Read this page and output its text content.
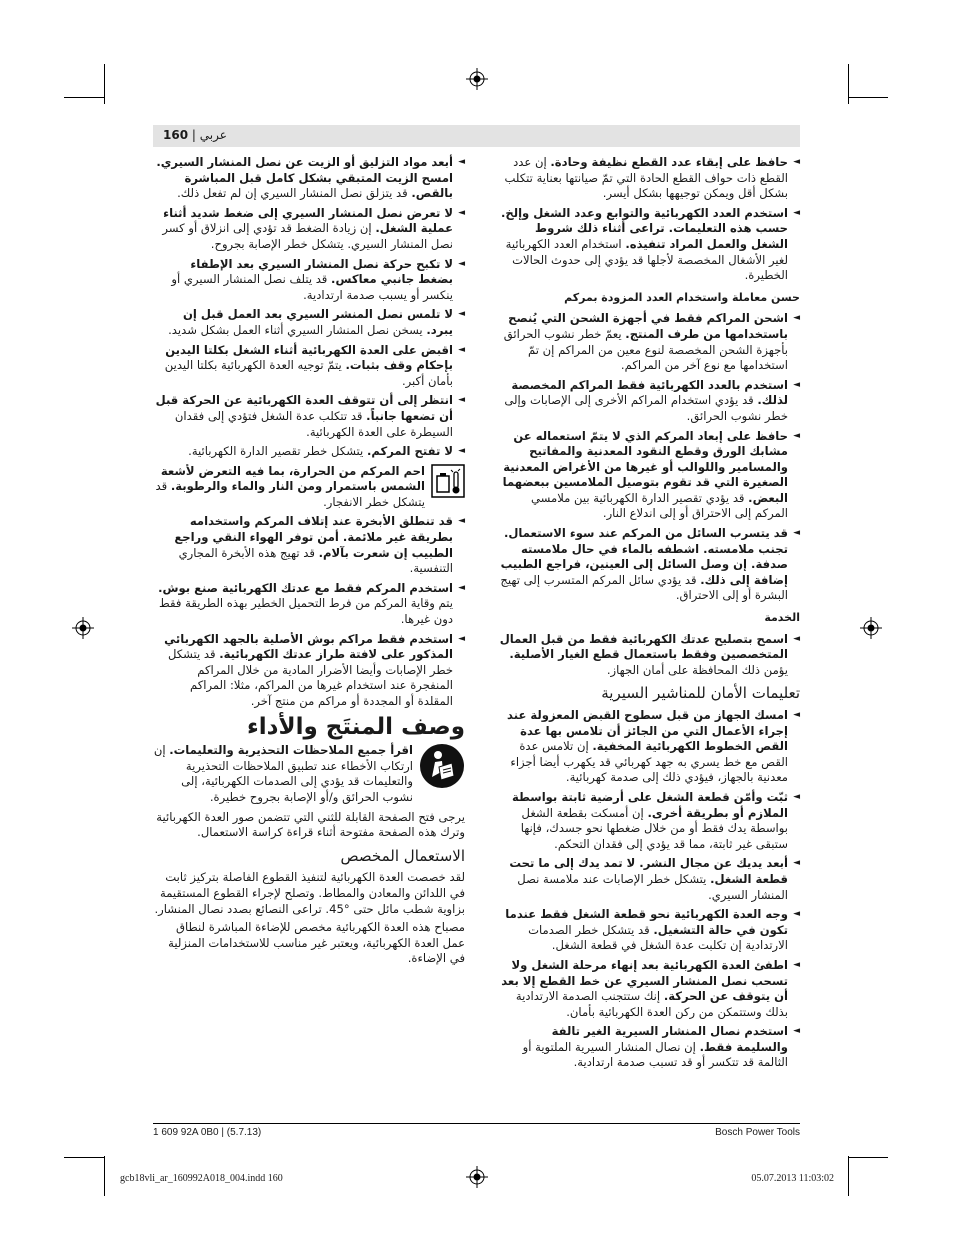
عربي | 160
◄ حافظ على إبقاء عدد القطع نظيفة وحادة. إن عدد القطع ذات حواف القطع الحادة التي تمّ صيانتها بعناية تتكلب بشكل أقل ويمكن توجيهها بشكل أيسر.
◄ استخدم العدد الكهربائية والتوابع وعدد الشغل وإلخ. حسب هذه التعليمات. تراعى أثناء ذلك شروط الشغل والعمل المراد تنفيذه. استخدام العدد الكهربائية لغير الأشغال المخصصة لأجلها قد يؤدي إلى حدوث الحالات الخطيرة.
حسن معاملة واستخدام العدد المزودة بمركم
◄ اشحن المراكم فقط في أجهزة الشحن التي يُنصح باستخدامها من طرف المنتج. يعمّ خطر نشوب الحرائق بأجهزة الشحن المخصصة لنوع معين من المراكم إن تمّ استخدامها مع نوع آخر من المراكم.
◄ استخدم بالعدد الكهربائية فقط المراكم المخصصة لذلك. قد يؤدي استخدام المراكم الأخرى إلى الإصابات وإلى خطر نشوب الحرائق.
◄ حافظ على إبعاد المركم الذي لا يتمّ استعماله عن مشابك الورق وقطع النقود المعدنية والمفاتيح والمسامير واللوالب أو غيرها من الأغراض المعدنية الصغيرة التي قد تقوم بتوصيل الملامسين ببعضهما البعض. قد يؤدي تقصير الدارة الكهربائية بين ملامسي المركم إلى الاحتراق أو إلى اندلاع النار.
◄ قد يتسرب السائل من المركم عند سوء الاستعمال. تجنب ملامسته. اشطفه بالماء في حال ملامسته صدفة. إن وصل السائل إلى العينين، فراجع الطبيب إضافة إلى ذلك. قد يؤدي سائل المركم المتسرب إلى تهيج البشرة أو إلى الاحتراق.
الخدمة
◄ اسمح بتصليح عدتك الكهربائية فقط من قبل العمال المتخصصين وفقط باستعمال قطع الغيار الأصلية. يؤمن ذلك المحافظة على أمان الجهاز.
تعليمات الأمان للمناشير السيرية
◄ امسك الجهاز من قبل سطوح القبض المعزولة عند إجراء الأعمال التي من الجائز أن تلامس بها عدة القص الخطوط الكهربائية المخفية. إن تلامس عدة القص مع خط يسري به جهد كهربائي قد يكهرب أيضا أجزاء معدنية بالجهاز، فيؤدي ذلك إلى صدمة كهربائية.
◄ ثبّت وأمّن قطعة الشغل على أرضية ثابتة بواسطة الملازم أو بطريقة أخرى. إن أمسكت بقطعة الشغل بواسطة يدك فقط أو من خلال ضغطها نحو جسدك، فإنها ستبقى غير ثابتة، مما قد يؤدي إلى فقدان التحكم.
◄ أبعد يديك عن مجال النشر. لا تمد يدك إلى ما تحت قطعة الشغل. يتشكل خطر الإصابات عند ملامسة نصل المنشار السيري.
◄ وجه العدة الكهربائية نحو قطعة الشغل فقط عندما تكون في حالة التشغيل. قد يتشكل خطر الصدمات الارتدادية إن تكلبت عدة الشغل في قطعة الشغل.
◄ اطفئ العدة الكهربائية بعد إنهاء مرحلة الشغل ولا تسحب نصل المنشار السيري عن خط القطع إلا بعد أن يتوقف عن الحركة. إنك ستتجنب الصدمة الارتدادية بذلك وستتمكن من ركن العدة الكهربائية بأمان.
◄ استخدم نصال المنشار السيرية الغير تالفة والسليمة فقط. إن نصال المنشار السيرية الملتوية أو الثالمة قد تتكسر أو قد تسبب صدمة ارتدادية.
◄ أبعد مواد التزليق أو الزيت عن نصل المنشار السيري. امسح الزيت المتبقي بشكل كامل قبل المباشرة بالقص. قد يتزلق نصل المنشار السيري إن لم تفعل ذلك.
◄ لا تعرض نصل المنشار السيري إلى ضغط شديد أثناء عملية الشغل. إن زيادة الضغط قد تؤدي إلى انزلاق أو كسر نصل المنشار السيري. يتشكل خطر الإصابة بجروح.
◄ لا تكبح حركة نصل المنشار السيري بعد الإطفاء بضغط جانبي معاكس. قد يتلف نصل المنشار السيري أو ينكسر أو يسبب صدمة ارتدادية.
◄ لا تلمس نصل المنشر السيري بعد العمل قبل إن يبرد. يسخن نصل المنشار السيري أثناء العمل بشكل شديد.
◄ اقبض على العدة الكهربائية أثناء الشغل بكلتا اليدين بإحكام وقف بثبات. يتمّ توجيه العدة الكهربائية بكلتا اليدين بأمان أكبر.
◄ انتظر إلى أن تتوقف العدة الكهربائية عن الحركة قبل أن تضعها جانباً. قد تتكلب عدة الشغل فتؤدي إلى فقدان السيطرة على العدة الكهربائية.
◄ لا تفتح المركم. يتشكل خطر تقصير الدارة الكهربائية.
احم المركم من الحرارة، بما فيه التعرض لأشعة الشمس باستمرار ومن النار والماء والرطوبة. قد يتشكل خطر الانفجار.
◄ قد تنطلق الأبخرة عند إتلاف المركم واستخدامه بطريقة غير ملائمة. أمن توفر الهواء النقي وراجع الطبيب إن شعرت بآلام. قد تهيج هذه الأبخرة المجاري التنفسية.
◄ استخدم المركم فقط مع عدتك الكهربائية صنع بوش. يتم وقاية المركم من فرط التحميل الخطير بهذه الطريقة فقط دون غيرها.
◄ استخدم فقط مراكم بوش الأصلية بالجهد الكهربائي المذكور على لافتة طراز عدتك الكهربائية. قد يتشكل خطر الإصابات وأيضا الأضرار المادية من خلال المراكم المنفجرة عند استخدام غيرها من المراكم، مثلا: المراكم المقلدة أو المجددة أو مراكم من منتج آخر.
وصف المنتَج والأداء
اقرأ جميع الملاحظات التحذيرية والتعليمات. إن ارتكاب الأخطاء عند تطبيق الملاحظات التحذيرية والتعليمات قد يؤدي إلى الصدمات الكهربائية، إلى نشوب الحرائق و/أو الإصابة بجروح خطيرة.

يرجى فتح الصفحة القابلة للثني التي تتضمن صور العدة الكهربائية وترك هذه الصفحة مفتوحة أثناء قراءة كراسة الاستعمال.

الاستعمال المخصص

لقد خصصت العدة الكهربائية لتنفيذ القطوع الفاصلة بتركيز ثابت في اللدائن والمعادن والمطاط. وتصلح لإجراء القطوع المستقيمة بزاوية شطب مائل حتى °45. تراعى النصائع بصدد نصال المنشار.

مصباح هذه العدة الكهربائية مخصص للإضاءة المباشرة لنطاق عمل العدة الكهربائية، ويعتبر غير مناسب للاستخدامات المنزلية في الإضاءة.

1 609 92A 0B0 | (5.7.13)	Bosch Power Tools
gcb18vli_ar_160992A018_004.indd 160	05.07.2013 11:03:02
